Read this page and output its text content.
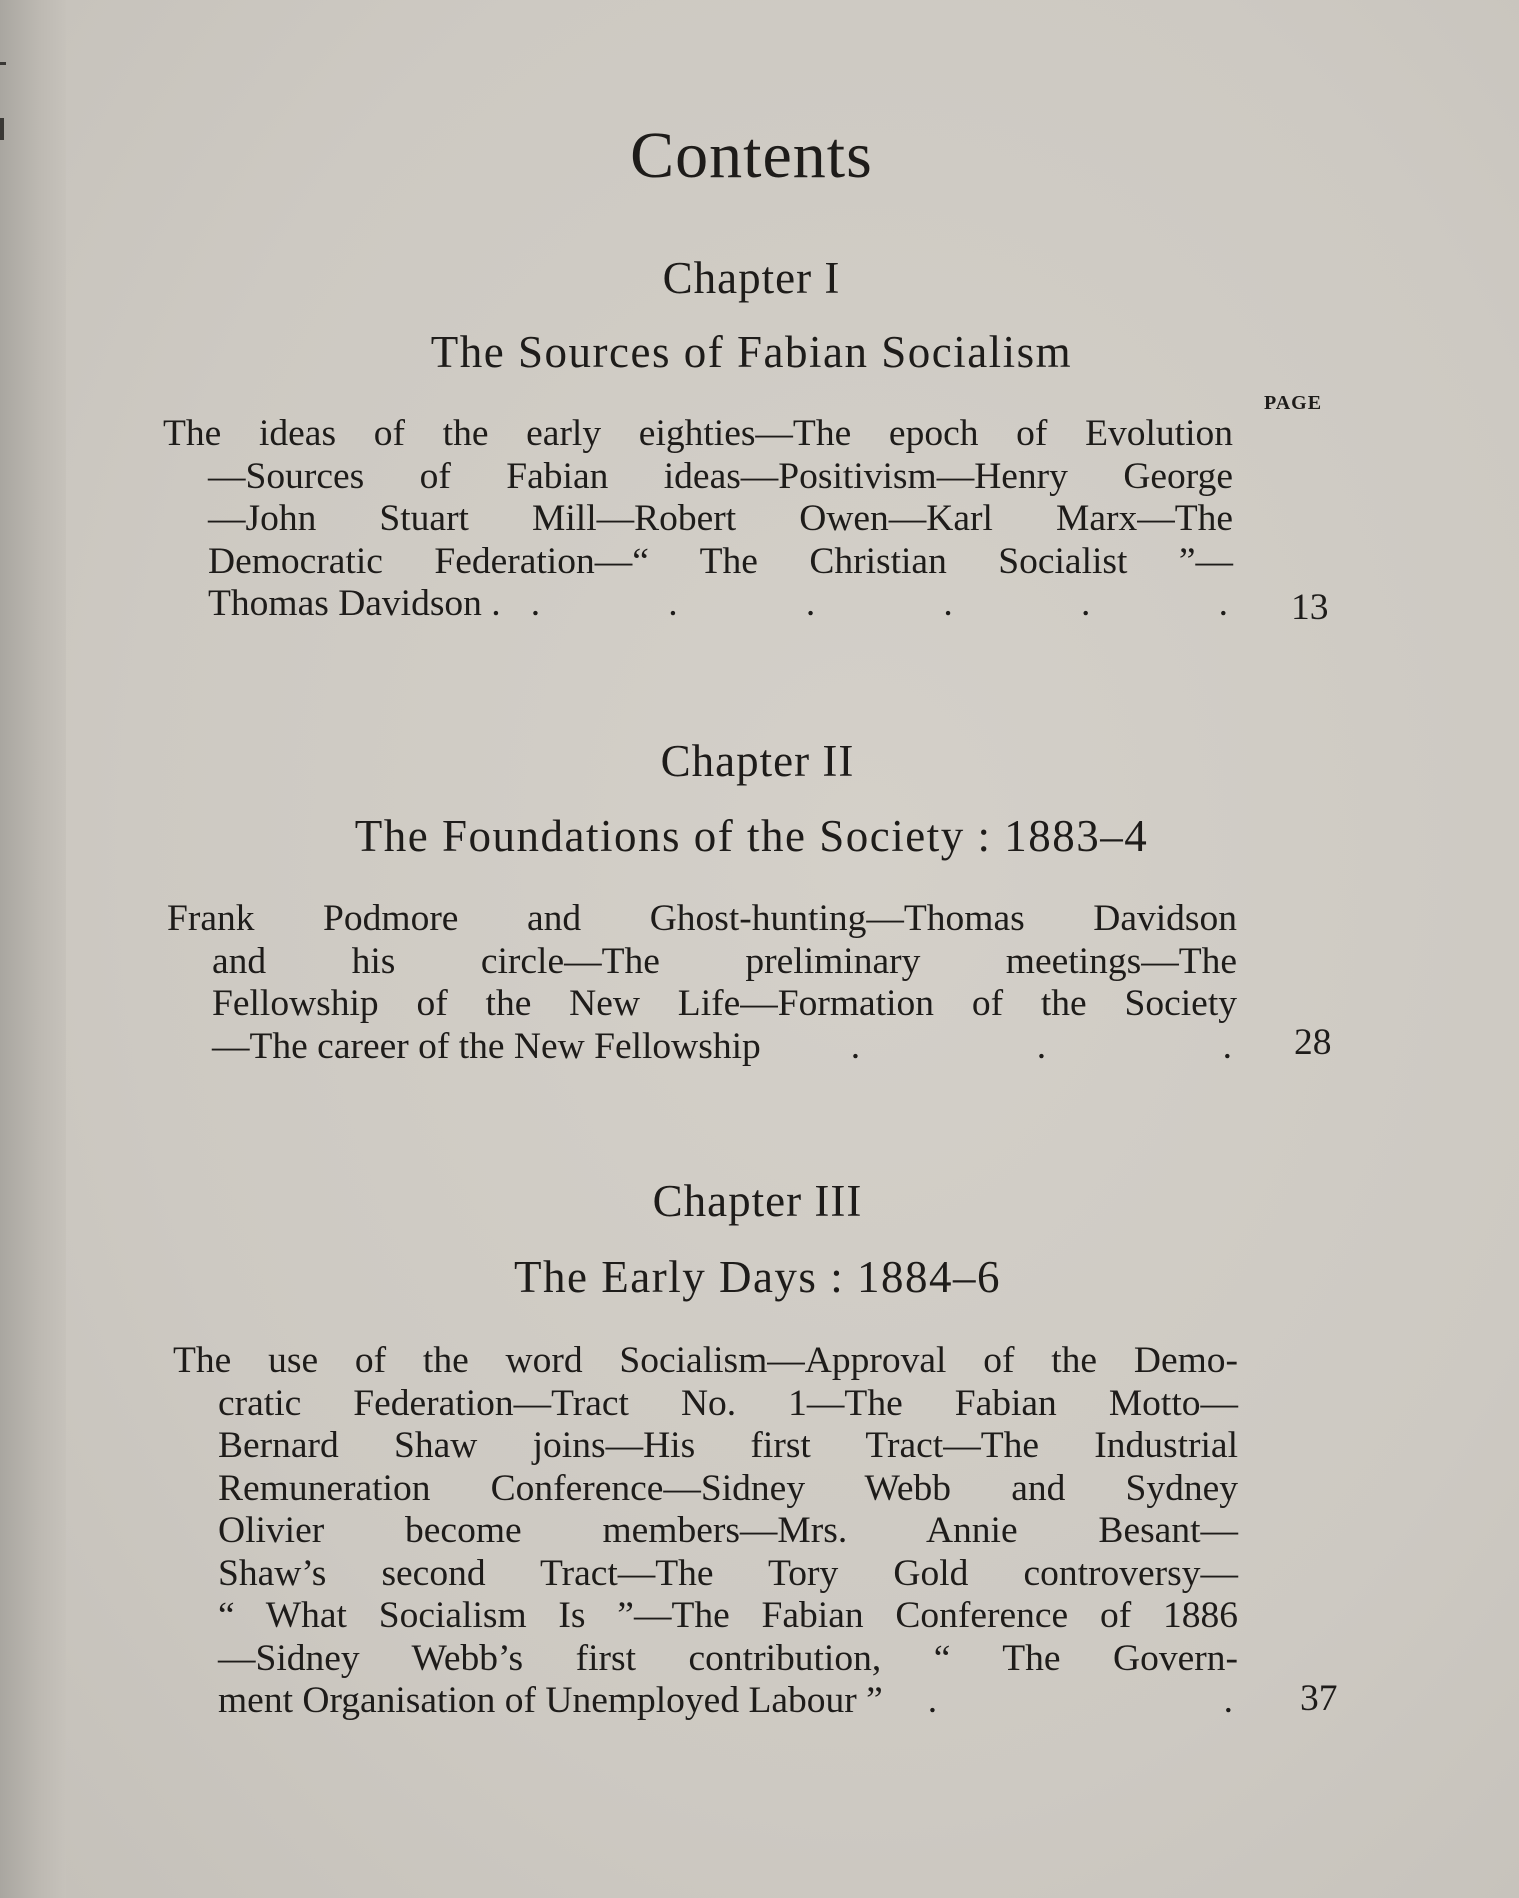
Contents
PAGE
Chapter I
The Sources of Fabian Socialism
The ideas of the early eighties—The epoch of Evolution
—Sources of Fabian ideas—Positivism—Henry George
—John Stuart Mill—Robert Owen—Karl Marx—The
Democratic Federation—“ The Christian Socialist ”—
Thomas Davidson . .	.	.	.	.	. 13
Chapter II
The Foundations of the Society : 1883–4
Frank Podmore and Ghost-hunting—Thomas Davidson
and his circle—The preliminary meetings—The
Fellowship of the New Life—Formation of the Society
—The career of the New Fellowship .	.	. 28
Chapter III
The Early Days : 1884–6
The use of the word Socialism—Approval of the Demo-
cratic Federation—Tract No. 1—The Fabian Motto—
Bernard Shaw joins—His first Tract—The Industrial
Remuneration Conference—Sidney Webb and Sydney
Olivier become members—Mrs. Annie Besant—
Shaw’s second Tract—The Tory Gold controversy—
“ What Socialism Is ”—The Fabian Conference of 1886
—Sidney Webb’s first contribution, “ The Govern-
ment Organisation of Unemployed Labour ” .	. 37
